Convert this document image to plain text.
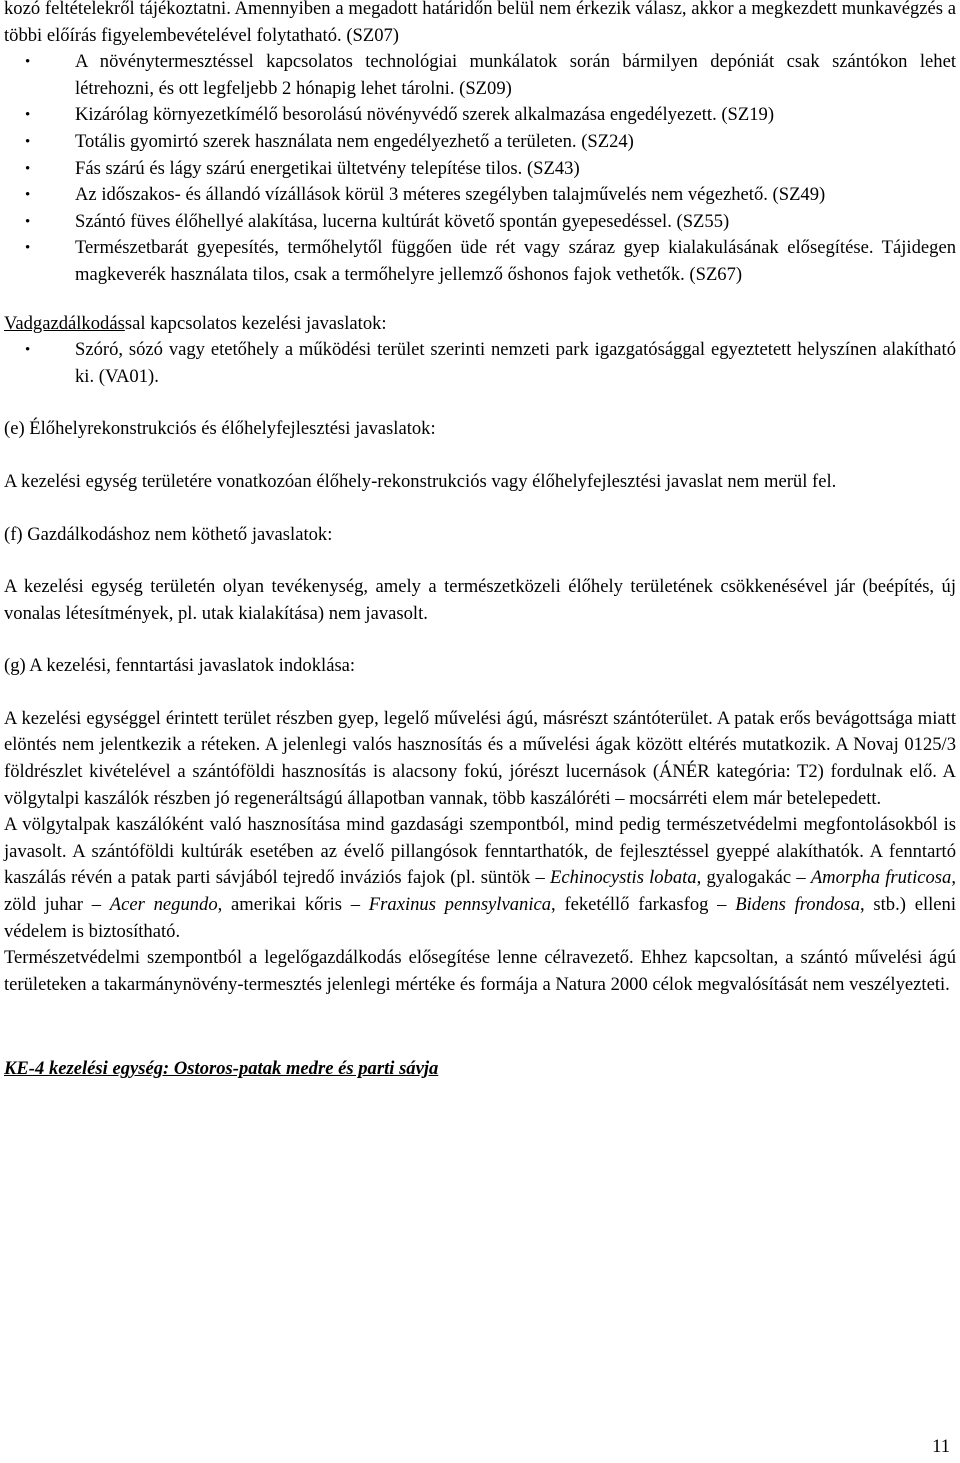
kozó feltételekről tájékoztatni. Amennyiben a megadott határidőn belül nem érkezik válasz, akkor a megkezdett munkavégzés a többi előírás figyelembevételével folytatható. (SZ07)

•	A növénytermesztéssel kapcsolatos technológiai munkálatok során bármilyen depóniát csak szántókon lehet létrehozni, és ott legfeljebb 2 hónapig lehet tárolni. (SZ09)
•	Kizárólag környezetkímélő besorolású növényvédő szerek alkalmazása engedélyezett. (SZ19)
•	Totális gyomirtó szerek használata nem engedélyezhető a területen. (SZ24)
•	Fás szárú és lágy szárú energetikai ültetvény telepítése tilos. (SZ43)
•	Az időszakos- és állandó vízállások körül 3 méteres szegélyben talajművelés nem végezhető. (SZ49)
•	Szántó füves élőhellyé alakítása, lucerna kultúrát követő spontán gyepesedéssel. (SZ55)
•	Természetbarát gyepesítés, termőhelytől függően üde rét vagy száraz gyep kialakulásának elősegítése. Tájidegen magkeverék használata tilos, csak a termőhelyre jellemző őshonos fajok vethetők. (SZ67)

Vadgazdálkodással kapcsolatos kezelési javaslatok:

•	Szóró, sózó vagy etetőhely a működési terület szerinti nemzeti park igazgatósággal egyeztetett helyszínen alakítható ki. (VA01).

(e) Élőhelyrekonstrukciós és élőhelyfejlesztési javaslatok:

A kezelési egység területére vonatkozóan élőhely-rekonstrukciós vagy élőhelyfejlesztési javaslat nem merül fel.

(f) Gazdálkodáshoz nem köthető javaslatok:

A kezelési egység területén olyan tevékenység, amely a természetközeli élőhely területének csökkenésével jár (beépítés, új vonalas létesítmények, pl. utak kialakítása) nem javasolt.

(g) A kezelési, fenntartási javaslatok indoklása:

A kezelési egységgel érintett terület részben gyep, legelő művelési ágú, másrészt szántóterület. A patak erős bevágottsága miatt elöntés nem jelentkezik a réteken. A jelenlegi valós hasznosítás és a művelési ágak között eltérés mutatkozik. A Novaj 0125/3 földrészlet kivételével a szántóföldi hasznosítás is alacsony fokú, jórészt lucernások (ÁNÉR kategória: T2) fordulnak elő. A völgytalpi kaszálók részben jó regeneráltságú állapotban vannak, több kaszálóréti – mocsárréti elem már betelepedett.

A völgytalpak kaszálóként való hasznosítása mind gazdasági szempontból, mind pedig természetvédelmi megfontolásokból is javasolt. A szántóföldi kultúrák esetében az évelő pillangósok fenntarthatók, de fejlesztéssel gyeppé alakíthatók. A fenntartó kaszálás révén a patak parti sávjából tejredő inváziós fajok (pl. süntök – Echinocystis lobata, gyalogakác – Amorpha fruticosa, zöld juhar – Acer negundo, amerikai kőris – Fraxinus pennsylvanica, feketéllő farkasfog – Bidens frondosa, stb.) elleni védelem is biztosítható.

Természetvédelmi szempontból a legelőgazdálkodás elősegítése lenne célravezető. Ehhez kapcsoltan, a szántó művelési ágú területeken a takarmánynövény-termesztés jelenlegi mértéke és formája a Natura 2000 célok megvalósítását nem veszélyezteti.

KE-4 kezelési egység: Ostoros-patak medre és parti sávja

11
